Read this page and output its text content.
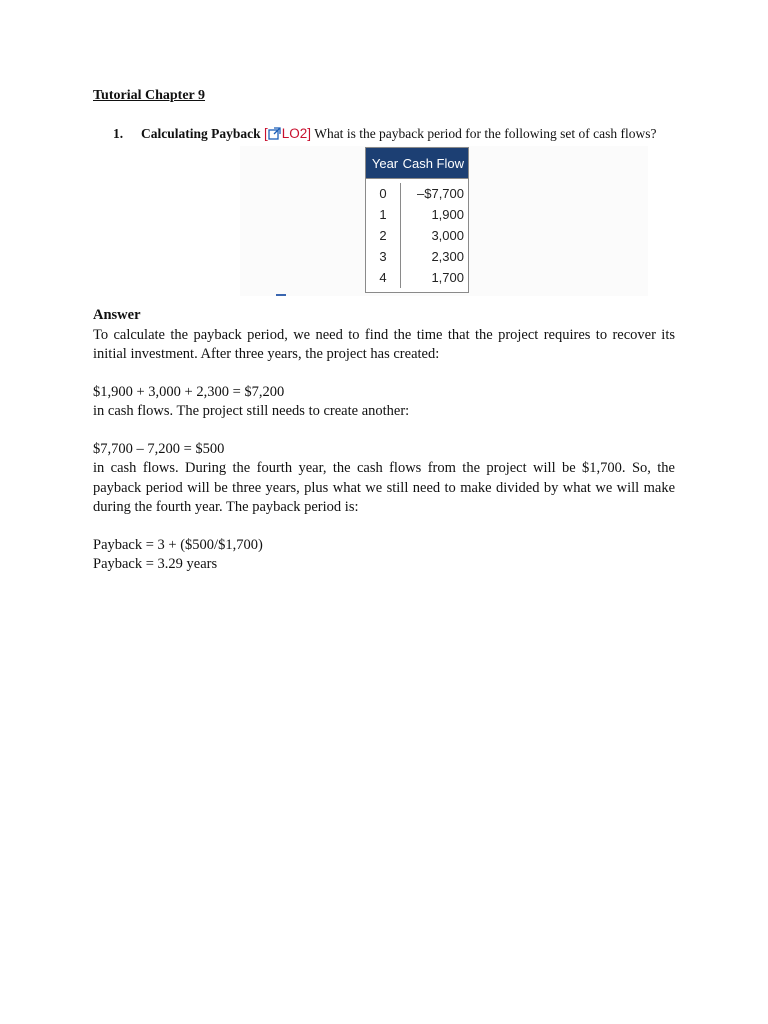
Tutorial Chapter 9
1. Calculating Payback [ LO2] What is the payback period for the following set of cash flows?
Year Cash Flow
0	–$7,700
1	1,900
2	3,000
3	2,300
4	1,700

Answer

To calculate the payback period, we need to find the time that the project requires to recover its initial investment. After three years, the project has created:

$1,900 + 3,000 + 2,300 = $7,200

in cash flows. The project still needs to create another:

$7,700 – 7,200 = $500

in cash flows. During the fourth year, the cash flows from the project will be $1,700. So, the payback period will be three years, plus what we still need to make divided by what we will make during the fourth year. The payback period is:

Payback = 3 + ($500/$1,700)

Payback = 3.29 years
